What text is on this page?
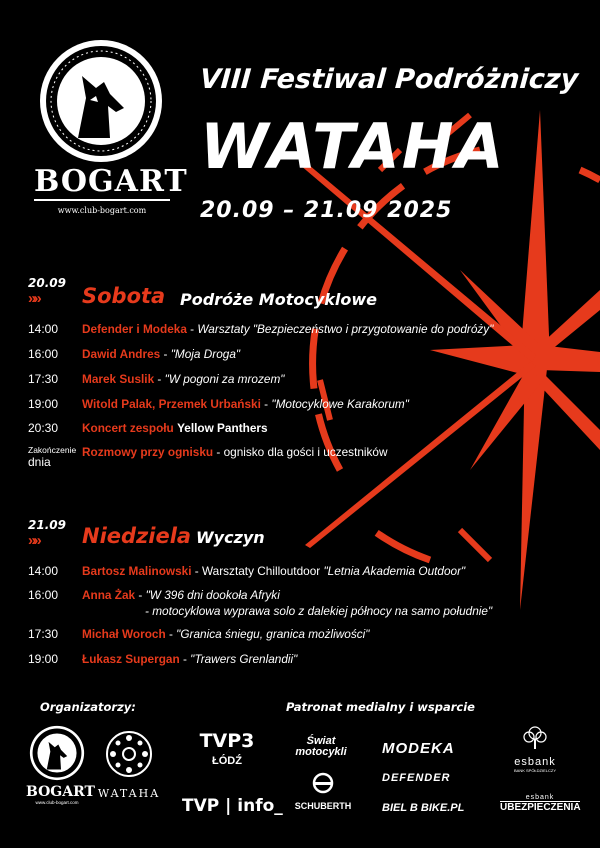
BOGART
www.club-bogart.com
VIII Festiwal Podróżniczy
WATAHA
20.09 – 21.09 2025
20.09
»» Sobota Podróże Motocyklowe
14:00 Defender i Modeka - Warsztaty "Bezpieczeństwo i przygotowanie do podróży"
16:00 Dawid Andres - "Moja Droga"
17:30 Marek Suslik - "W pogoni za mrozem"
19:00 Witold Palak, Przemek Urbański - "Motocyklowe Karakorum"
20:30 Koncert zespołu Yellow Panthers
Zakończenie
dnia
Rozmowy przy ognisku - ognisko dla gości i uczestników
21.09
»» Niedziela Wyczyn
14:00 Bartosz Malinowski - Warsztaty Chilloutdoor "Letnia Akademia Outdoor"
16:00 Anna Żak - "W 396 dni dookoła Afryki
- motocyklowa wyprawa solo z dalekiej północy na samo południe"
17:30 Michał Woroch - "Granica śniegu, granica możliwości"
19:00 Łukasz Supergan - "Trawers Grenlandii"
Organizatorzy:	Patronat medialny i wsparcie
BOGART
www.club-bogart.com
WATAHA
TVP3
ŁÓDŹ
TVP | info_
Świat motocykli
SCHUBERTH
MODEKA
DEFENDER
BIEL B BIKE.PL
esbank
BANK SPÓŁDZIELCZY
esbank
UBEZPIECZENIA
